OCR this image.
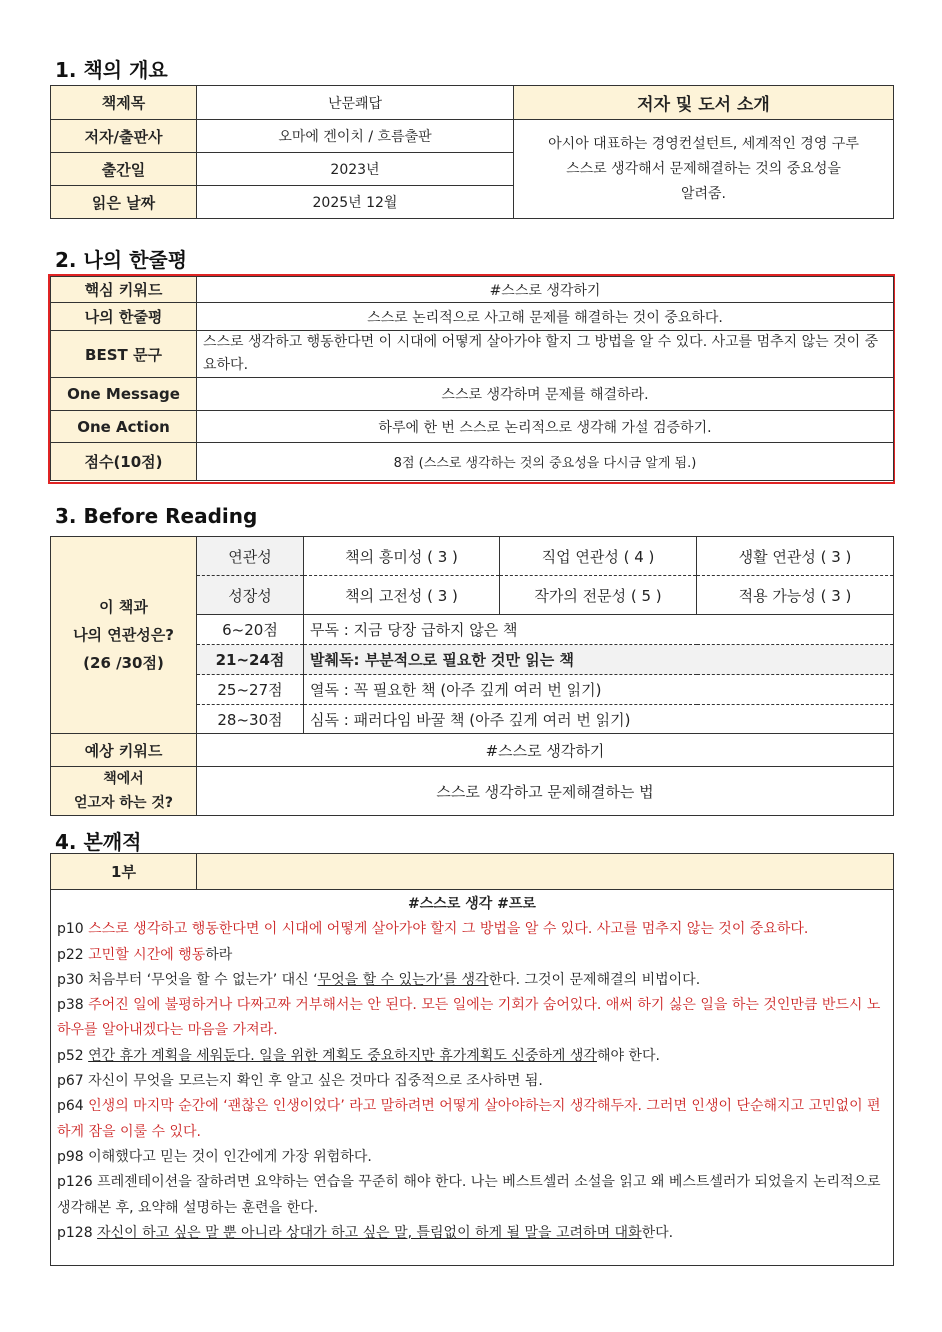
1. 책의 개요
책제목	난문쾌답	저자 및 도서 소개
저자/출판사	오마에 겐이치 / 흐름출판	아시아 대표하는 경영컨설턴트, 세계적인 경영 구루
스스로 생각해서 문제해결하는 것의 중요성을
알려줌.

출간일	2023년	
읽은 날짜	2025년 12월	
2. 나의 한줄평
핵심 키워드	#스스로 생각하기
나의 한줄평	스스로 논리적으로 사고해 문제를 해결하는 것이 중요하다.
BEST 문구	스스로 생각하고 행동한다면 이 시대에 어떻게 살아가야 할지 그 방법을 알 수 있다. 사고를 멈추지 않는 것이 중요하다.
One Message	스스로 생각하며 문제를 해결하라.
One Action	하루에 한 번 스스로 논리적으로 생각해 가설 검증하기.
점수(10점)	8점 (스스로 생각하는 것의 중요성을 다시금 알게 됨.)
3. Before Reading
이 책과
나의 연관성은?
(26 /30점)	연관성	책의 흥미성 ( 3 )	직업 연관성 ( 4 )	생활 연관성 ( 3 )
	성장성	책의 고전성 ( 3 )	작가의 전문성 ( 5 )	적용 가능성 ( 3 )
	6~20점	무독 : 지금 당장 급하지 않은 책		
	21~24점	발췌독: 부분적으로 필요한 것만 읽는 책		
	25~27점	열독 : 꼭 필요한 책 (아주 깊게 여러 번 읽기)		
	28~30점	심독 : 패러다임 바꿀 책 (아주 깊게 여러 번 읽기)		
예상 키워드	#스스로 생각하기			

책에서
얻고자 하는 것?	스스로 생각하고 문제해결하는 법			
4. 본깨적
1부	

#스스로 생각 #프로

p10 스스로 생각하고 행동한다면 이 시대에 어떻게 살아가야 할지 그 방법을 알 수 있다. 사고를 멈추지 않는 것이 중요하다.

p22 고민할 시간에 행동하라

p30 처음부터 ‘무엇을 할 수 없는가’ 대신 ‘무엇을 할 수 있는가’를 생각한다. 그것이 문제해결의 비법이다.

p38 주어진 일에 불평하거나 다짜고짜 거부해서는 안 된다. 모든 일에는 기회가 숨어있다. 애써 하기 싫은 일을 하는 것인만큼 반드시 노하우를 알아내겠다는 마음을 가져라.

p52 연간 휴가 계획을 세워둔다. 일을 위한 계획도 중요하지만 휴가계획도 신중하게 생각해야 한다.

p67 자신이 무엇을 모르는지 확인 후 알고 싶은 것마다 집중적으로 조사하면 됨.

p64 인생의 마지막 순간에 ‘괜찮은 인생이었다’ 라고 말하려면 어떻게 살아야하는지 생각해두자. 그러면 인생이 단순해지고 고민없이 편하게 잠을 이룰 수 있다.

p98 이해했다고 믿는 것이 인간에게 가장 위험하다.

p126 프레젠테이션을 잘하려면 요약하는 연습을 꾸준히 해야 한다. 나는 베스트셀러 소설을 읽고 왜 베스트셀러가 되었을지 논리적으로 생각해본 후, 요약해 설명하는 훈련을 한다.

p128 자신이 하고 싶은 말 뿐 아니라 상대가 하고 싶은 말, 틀림없이 하게 될 말을 고려하며 대화한다.
